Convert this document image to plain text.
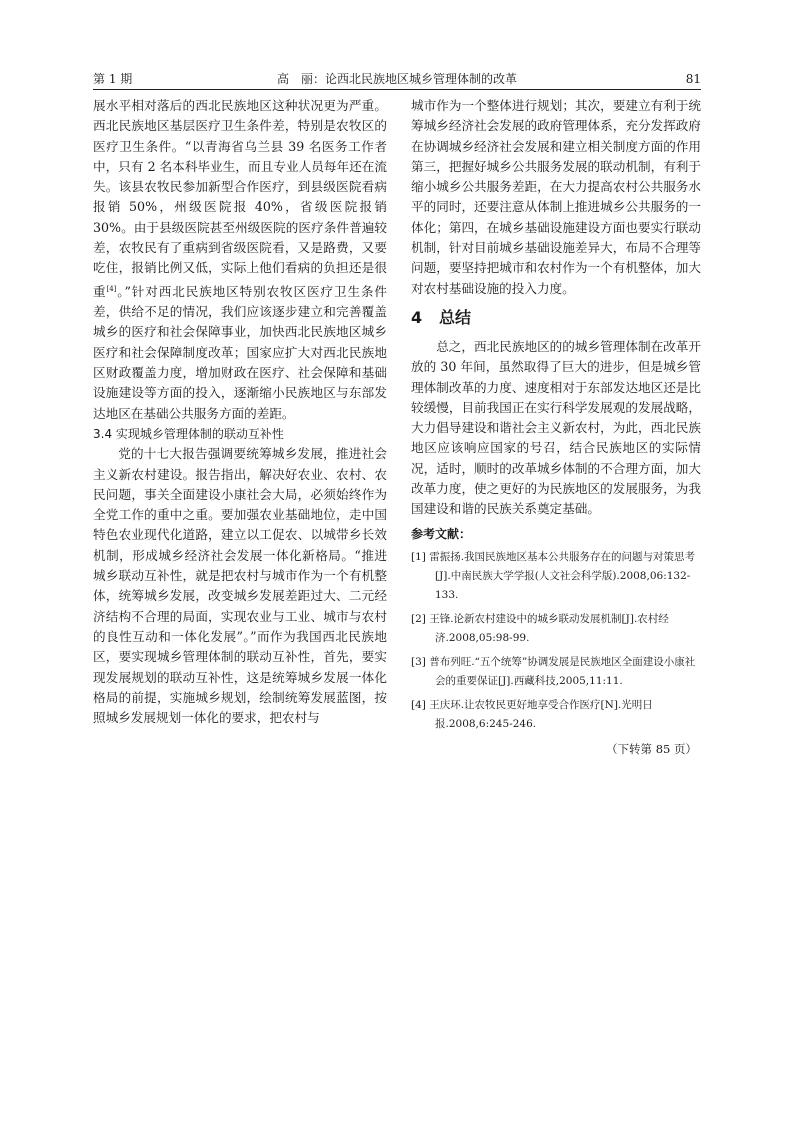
第 1 期	高　丽：论西北民族地区城乡管理体制的改革	81

展水平相对落后的西北民族地区这种状况更为严重。西北民族地区基层医疗卫生条件差，特别是农牧区的医疗卫生条件。“以青海省乌兰县 39 名医务工作者中，只有 2 名本科毕业生，而且专业人员每年还在流失。该县农牧民参加新型合作医疗，到县级医院看病报销 50%，州级医院报 40%，省级医院报销 30%。由于县级医院甚至州级医院的医疗条件普遍较差，农牧民有了重病到省级医院看，又是路费，又要吃住，报销比例又低，实际上他们看病的负担还是很重[4]。”针对西北民族地区特别农牧区医疗卫生条件差，供给不足的情况，我们应该逐步建立和完善覆盖城乡的医疗和社会保障事业，加快西北民族地区城乡医疗和社会保障制度改革；国家应扩大对西北民族地区财政覆盖力度，增加财政在医疗、社会保障和基础设施建设等方面的投入，逐渐缩小民族地区与东部发达地区在基础公共服务方面的差距。

3.4 实现城乡管理体制的联动互补性

党的十七大报告强调要统筹城乡发展，推进社会主义新农村建设。报告指出，解决好农业、农村、农民问题，事关全面建设小康社会大局，必须始终作为全党工作的重中之重。要加强农业基础地位，走中国特色农业现代化道路，建立以工促农、以城带乡长效机制，形成城乡经济社会发展一体化新格局。“推进城乡联动互补性，就是把农村与城市作为一个有机整体，统筹城乡发展，改变城乡发展差距过大、二元经济结构不合理的局面，实现农业与工业、城市与农村的良性互动和一体化发展”。”而作为我国西北民族地区，要实现城乡管理体制的联动互补性，首先，要实现发展规划的联动互补性，这是统筹城乡发展一体化格局的前提，实施城乡规划，绘制统筹发展蓝图，按照城乡发展规划一体化的要求，把农村与

城市作为一个整体进行规划；其次，要建立有利于统筹城乡经济社会发展的政府管理体系，充分发挥政府在协调城乡经济社会发展和建立相关制度方面的作用第三，把握好城乡公共服务发展的联动机制，有利于缩小城乡公共服务差距，在大力提高农村公共服务水平的同时，还要注意从体制上推进城乡公共服务的一体化；第四，在城乡基础设施建设方面也要实行联动机制，针对目前城乡基础设施差异大，布局不合理等问题，要坚持把城市和农村作为一个有机整体，加大对农村基础设施的投入力度。

4 总结

总之，西北民族地区的的城乡管理体制在改革开放的 30 年间，虽然取得了巨大的进步，但是城乡管理体制改革的力度、速度相对于东部发达地区还是比较缓慢，目前我国正在实行科学发展观的发展战略，大力倡导建设和谐社会主义新农村，为此，西北民族地区应该响应国家的号召，结合民族地区的实际情况，适时，顺时的改革城乡体制的不合理方面，加大改革力度，使之更好的为民族地区的发展服务，为我国建设和谐的民族关系奠定基础。

参考文献：
[1] 雷振扬.我国民族地区基本公共服务存在的问题与对策思考[J].中南民族大学学报(人文社会科学版).2008,06:132-133.
[2] 王锋.论新农村建设中的城乡联动发展机制[J].农村经济.2008,05:98-99.
[3] 普布列旺.“五个统筹”协调发展是民族地区全面建设小康社会的重要保证[J].西藏科技,2005,11:11.
[4] 王庆环.让农牧民更好地享受合作医疗[N].光明日报.2008,6:245-246.
（下转第 85 页）
